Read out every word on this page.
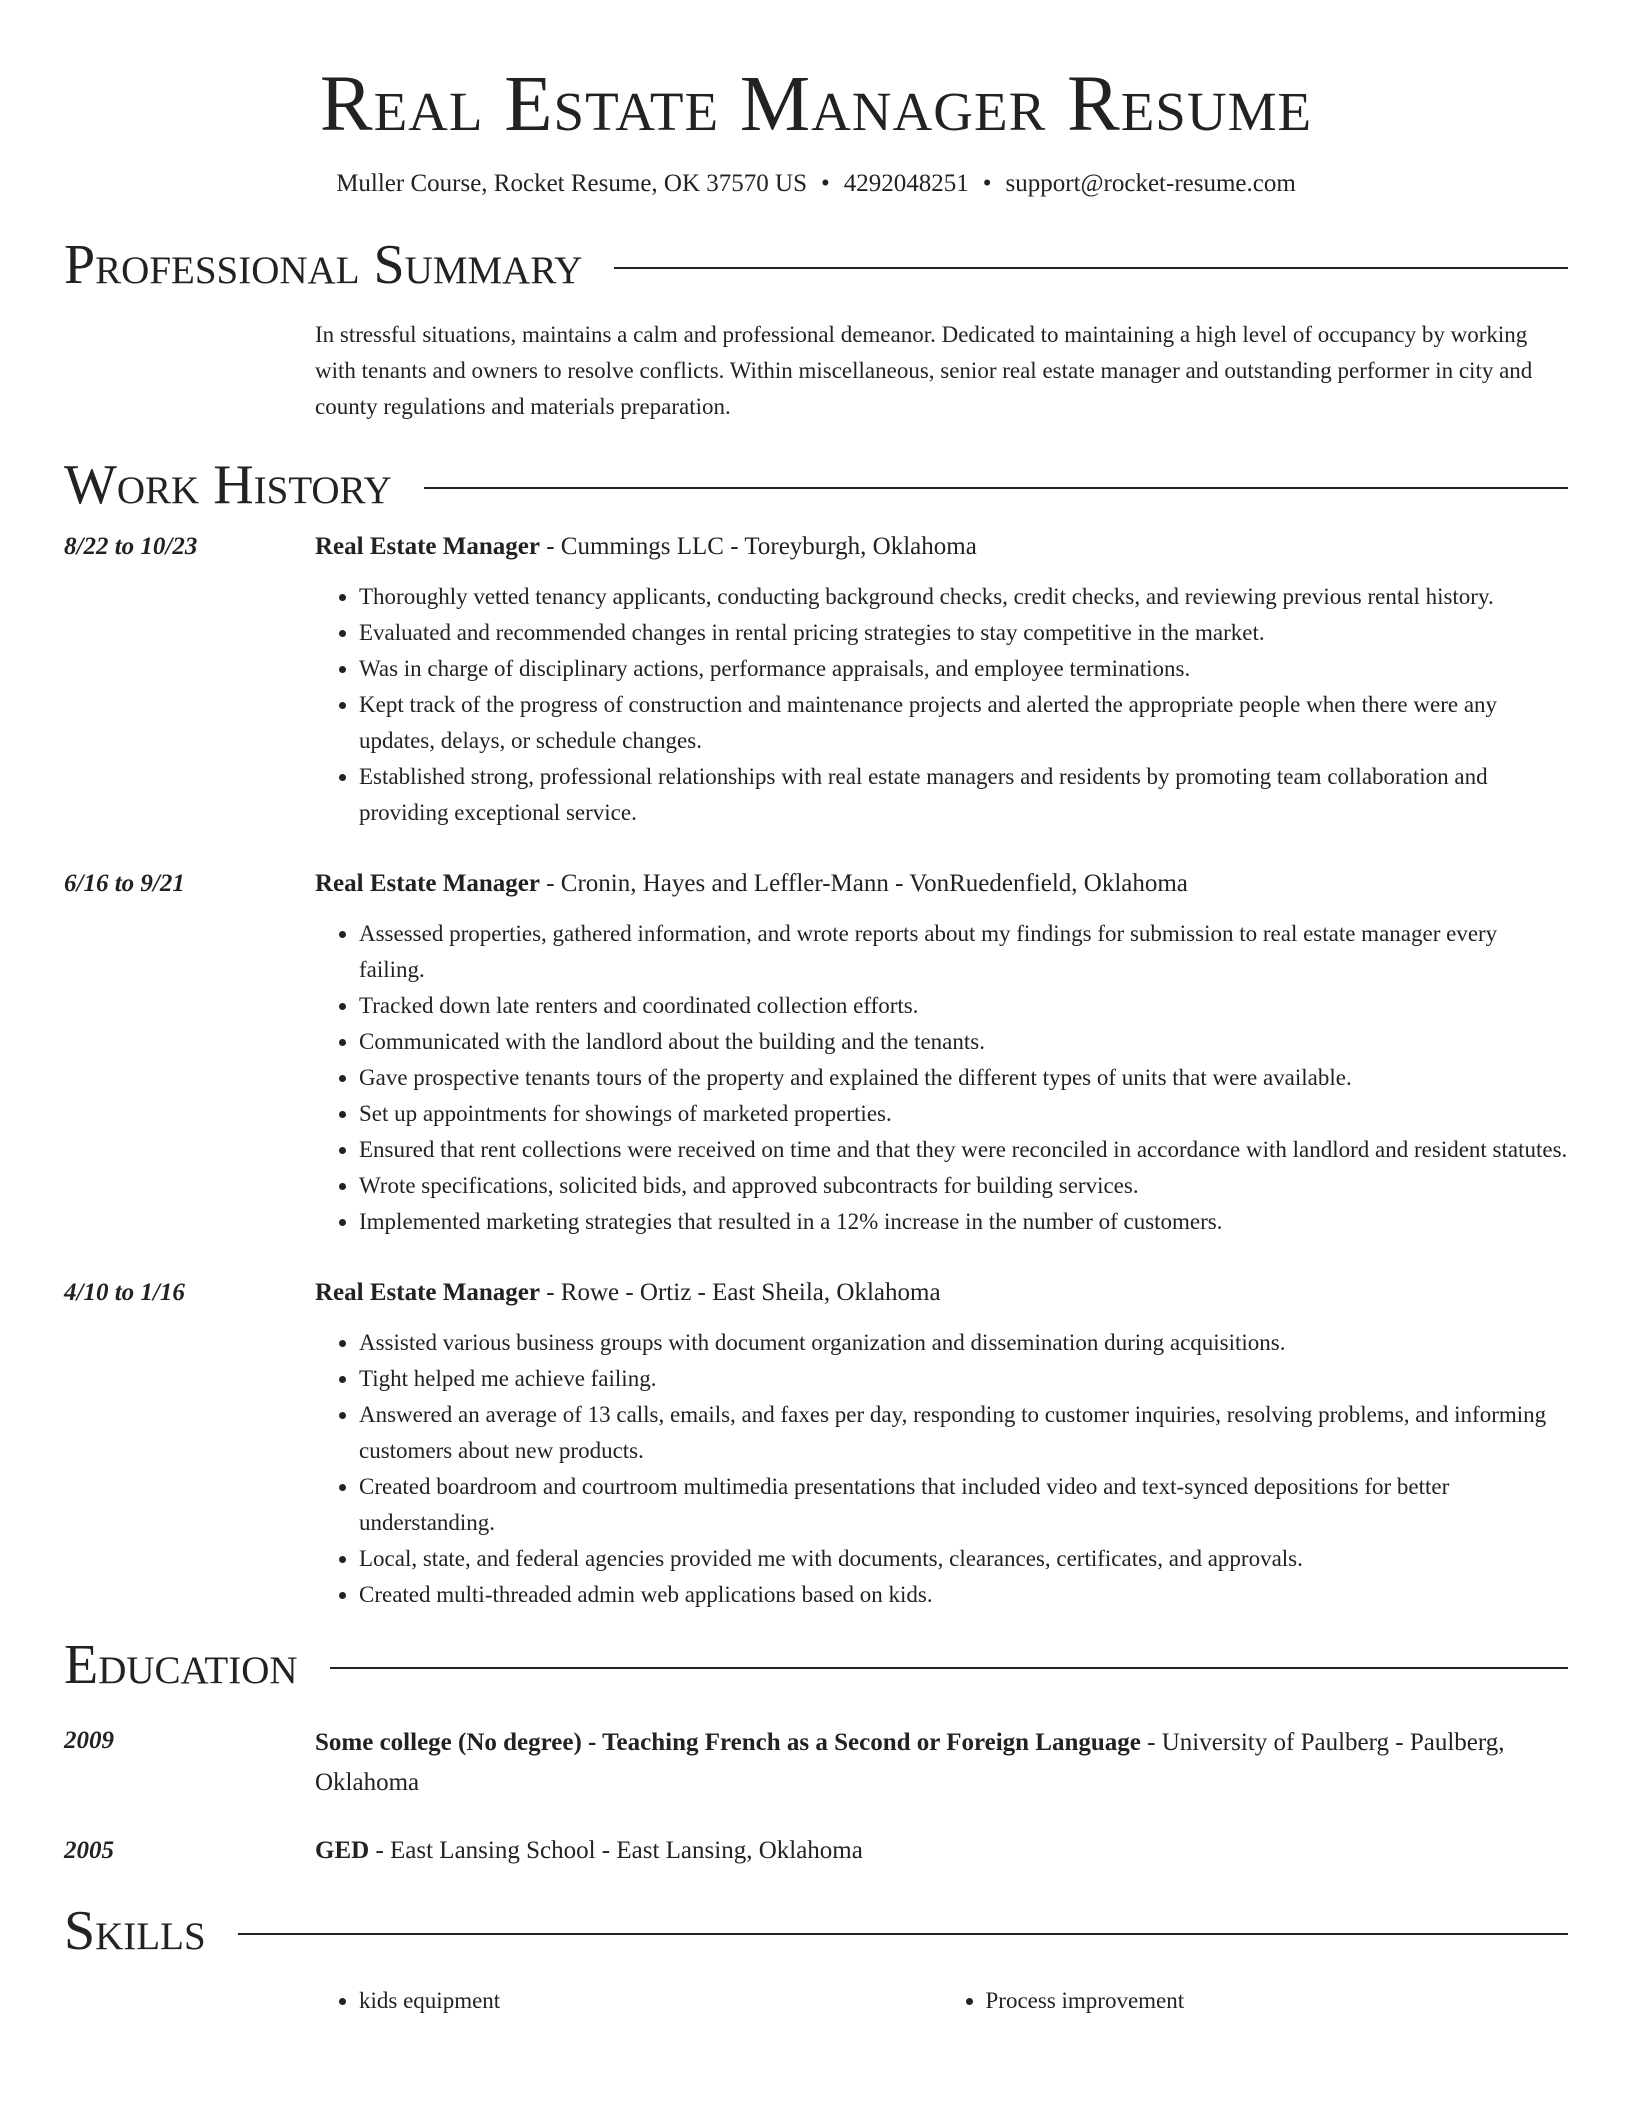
Real Estate Manager Resume
Muller Course, Rocket Resume, OK 37570 US • 4292048251 • support@rocket-resume.com
Professional Summary
In stressful situations, maintains a calm and professional demeanor. Dedicated to maintaining a high level of occupancy by working with tenants and owners to resolve conflicts. Within miscellaneous, senior real estate manager and outstanding performer in city and county regulations and materials preparation.
Work History
8/22 to 10/23	Real Estate Manager - Cummings LLC - Toreyburgh, Oklahoma
• Thoroughly vetted tenancy applicants, conducting background checks, credit checks, and reviewing previous rental history.
• Evaluated and recommended changes in rental pricing strategies to stay competitive in the market.
• Was in charge of disciplinary actions, performance appraisals, and employee terminations.
• Kept track of the progress of construction and maintenance projects and alerted the appropriate people when there were any updates, delays, or schedule changes.
• Established strong, professional relationships with real estate managers and residents by promoting team collaboration and providing exceptional service.
6/16 to 9/21	Real Estate Manager - Cronin, Hayes and Leffler-Mann - VonRuedenfield, Oklahoma
• Assessed properties, gathered information, and wrote reports about my findings for submission to real estate manager every failing.
• Tracked down late renters and coordinated collection efforts.
• Communicated with the landlord about the building and the tenants.
• Gave prospective tenants tours of the property and explained the different types of units that were available.
• Set up appointments for showings of marketed properties.
• Ensured that rent collections were received on time and that they were reconciled in accordance with landlord and resident statutes.
• Wrote specifications, solicited bids, and approved subcontracts for building services.
• Implemented marketing strategies that resulted in a 12% increase in the number of customers.
4/10 to 1/16	Real Estate Manager - Rowe - Ortiz - East Sheila, Oklahoma
• Assisted various business groups with document organization and dissemination during acquisitions.
• Tight helped me achieve failing.
• Answered an average of 13 calls, emails, and faxes per day, responding to customer inquiries, resolving problems, and informing customers about new products.
• Created boardroom and courtroom multimedia presentations that included video and text-synced depositions for better understanding.
• Local, state, and federal agencies provided me with documents, clearances, certificates, and approvals.
• Created multi-threaded admin web applications based on kids.
Education
2009	Some college (No degree) - Teaching French as a Second or Foreign Language - University of Paulberg - Paulberg, Oklahoma
2005	GED - East Lansing School - East Lansing, Oklahoma
Skills
• kids equipment
•	Process improvement
